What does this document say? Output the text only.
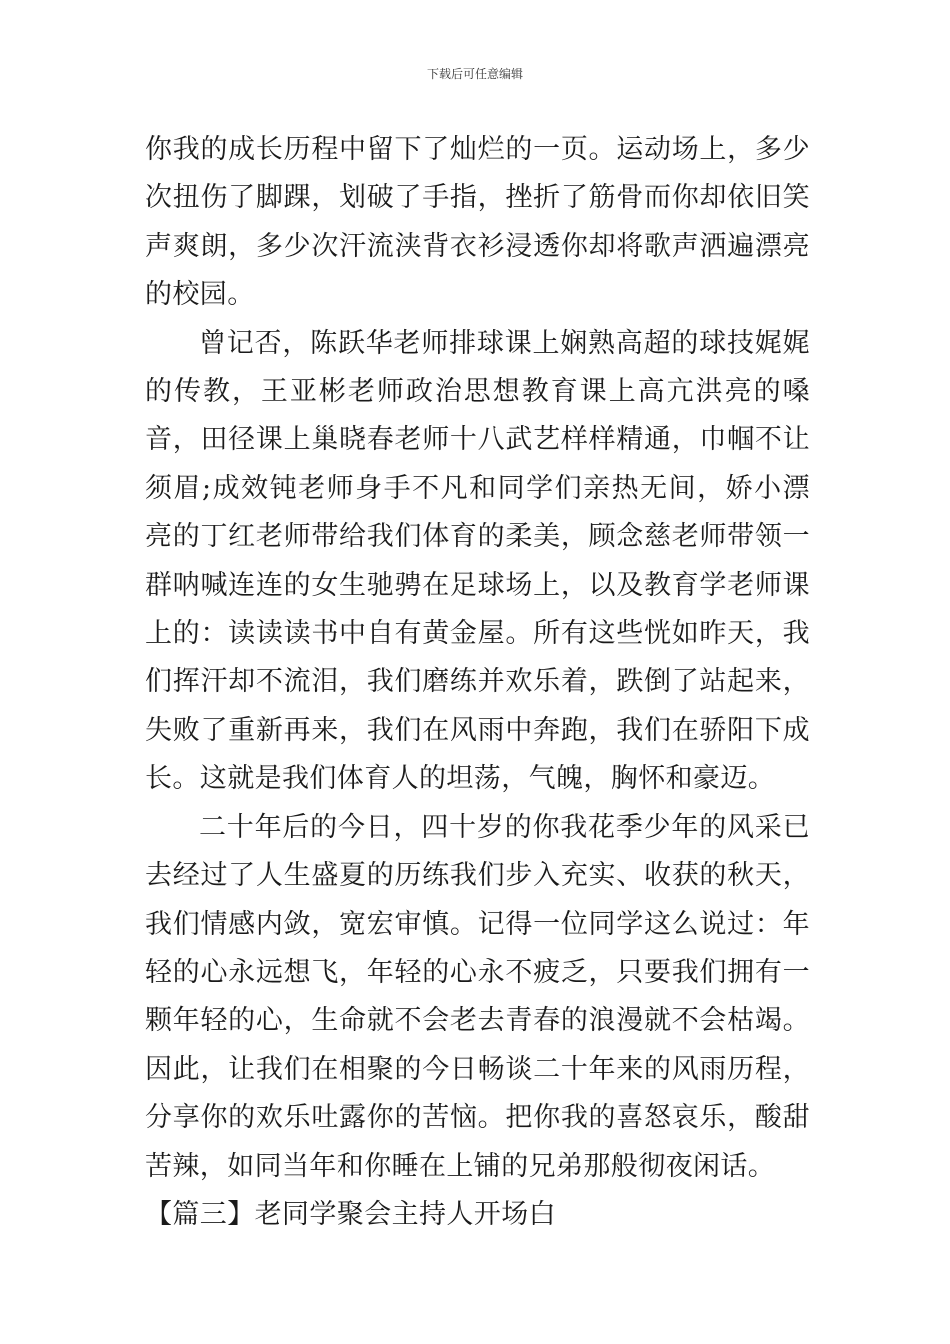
下载后可任意编辑

你我的成长历程中留下了灿烂的一页。运动场上，多少次扭伤了脚踝，划破了手指，挫折了筋骨而你却依旧笑声爽朗，多少次汗流浃背衣衫浸透你却将歌声洒遍漂亮的校园。

曾记否，陈跃华老师排球课上娴熟高超的球技娓娓的传教，王亚彬老师政治思想教育课上高亢洪亮的嗓音，田径课上巢晓春老师十八武艺样样精通，巾帼不让须眉;成效钝老师身手不凡和同学们亲热无间，娇小漂亮的丁红老师带给我们体育的柔美，顾念慈老师带领一群呐喊连连的女生驰骋在足球场上，以及教育学老师课上的：读读读书中自有黄金屋。所有这些恍如昨天，我们挥汗却不流泪，我们磨练并欢乐着，跌倒了站起来，失败了重新再来，我们在风雨中奔跑，我们在骄阳下成长。这就是我们体育人的坦荡，气魄，胸怀和豪迈。

二十年后的今日，四十岁的你我花季少年的风采已去经过了人生盛夏的历练我们步入充实、收获的秋天，我们情感内敛，宽宏审慎。记得一位同学这么说过：年轻的心永远想飞，年轻的心永不疲乏，只要我们拥有一颗年轻的心，生命就不会老去青春的浪漫就不会枯竭。因此，让我们在相聚的今日畅谈二十年来的风雨历程，分享你的欢乐吐露你的苦恼。把你我的喜怒哀乐，酸甜苦辣，如同当年和你睡在上铺的兄弟那般彻夜闲话。

【篇三】老同学聚会主持人开场白
